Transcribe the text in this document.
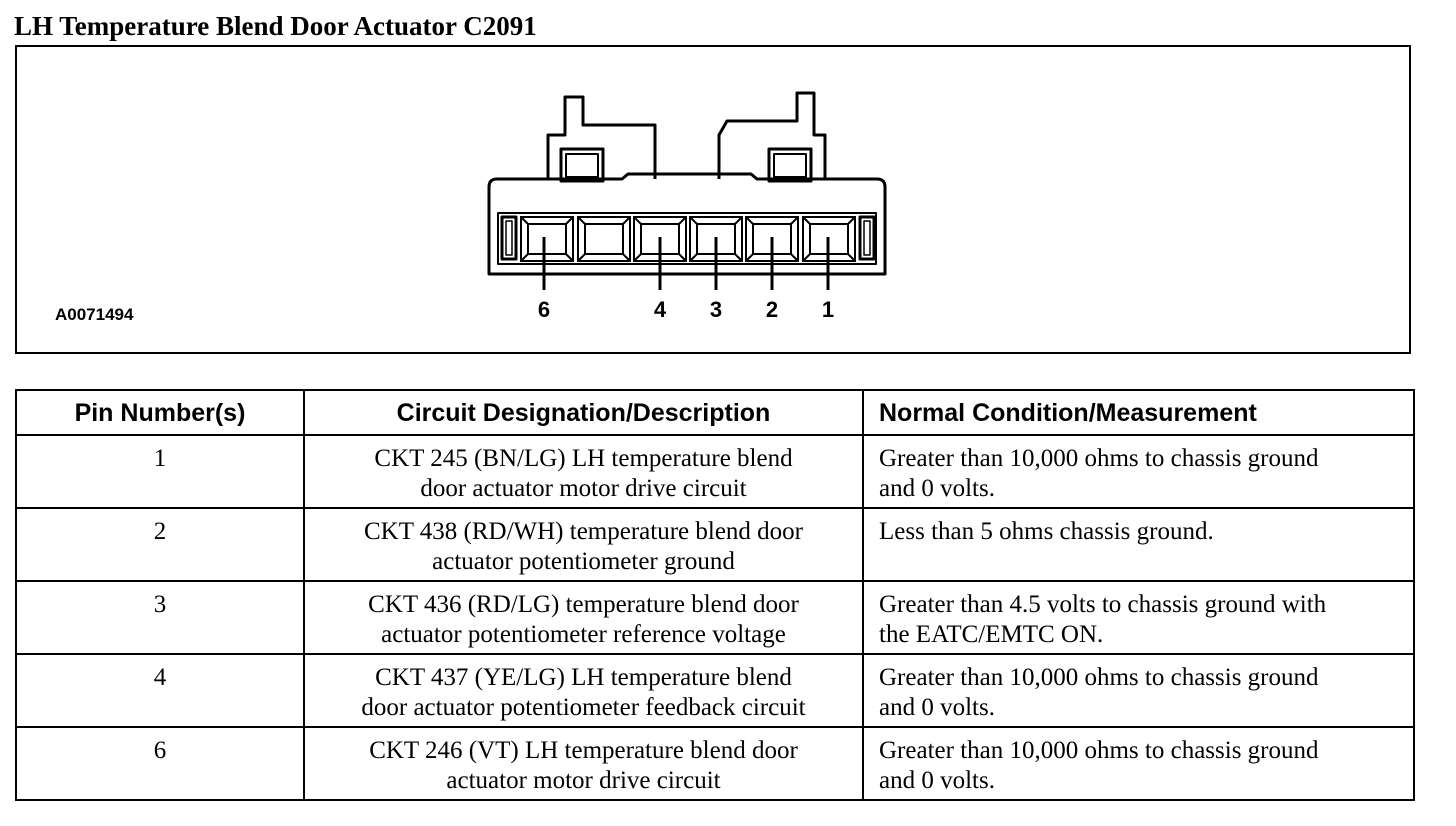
LH Temperature Blend Door Actuator C2091
6	4 3 2 1
A0071494
Pin Number(s)	Circuit Designation/Description	Normal Condition/Measurement
1	CKT 245 (BN/LG) LH temperature blend
door actuator motor drive circuit	Greater than 10,000 ohms to chassis ground
and 0 volts.
2	CKT 438 (RD/WH) temperature blend door
actuator potentiometer ground	Less than 5 ohms chassis ground.

3	CKT 436 (RD/LG) temperature blend door
actuator potentiometer reference voltage	Greater than 4.5 volts to chassis ground with
the EATC/EMTC ON.
4	CKT 437 (YE/LG) LH temperature blend
door actuator potentiometer feedback circuit	Greater than 10,000 ohms to chassis ground
and 0 volts.
6	CKT 246 (VT) LH temperature blend door
actuator motor drive circuit	Greater than 10,000 ohms to chassis ground
and 0 volts.
